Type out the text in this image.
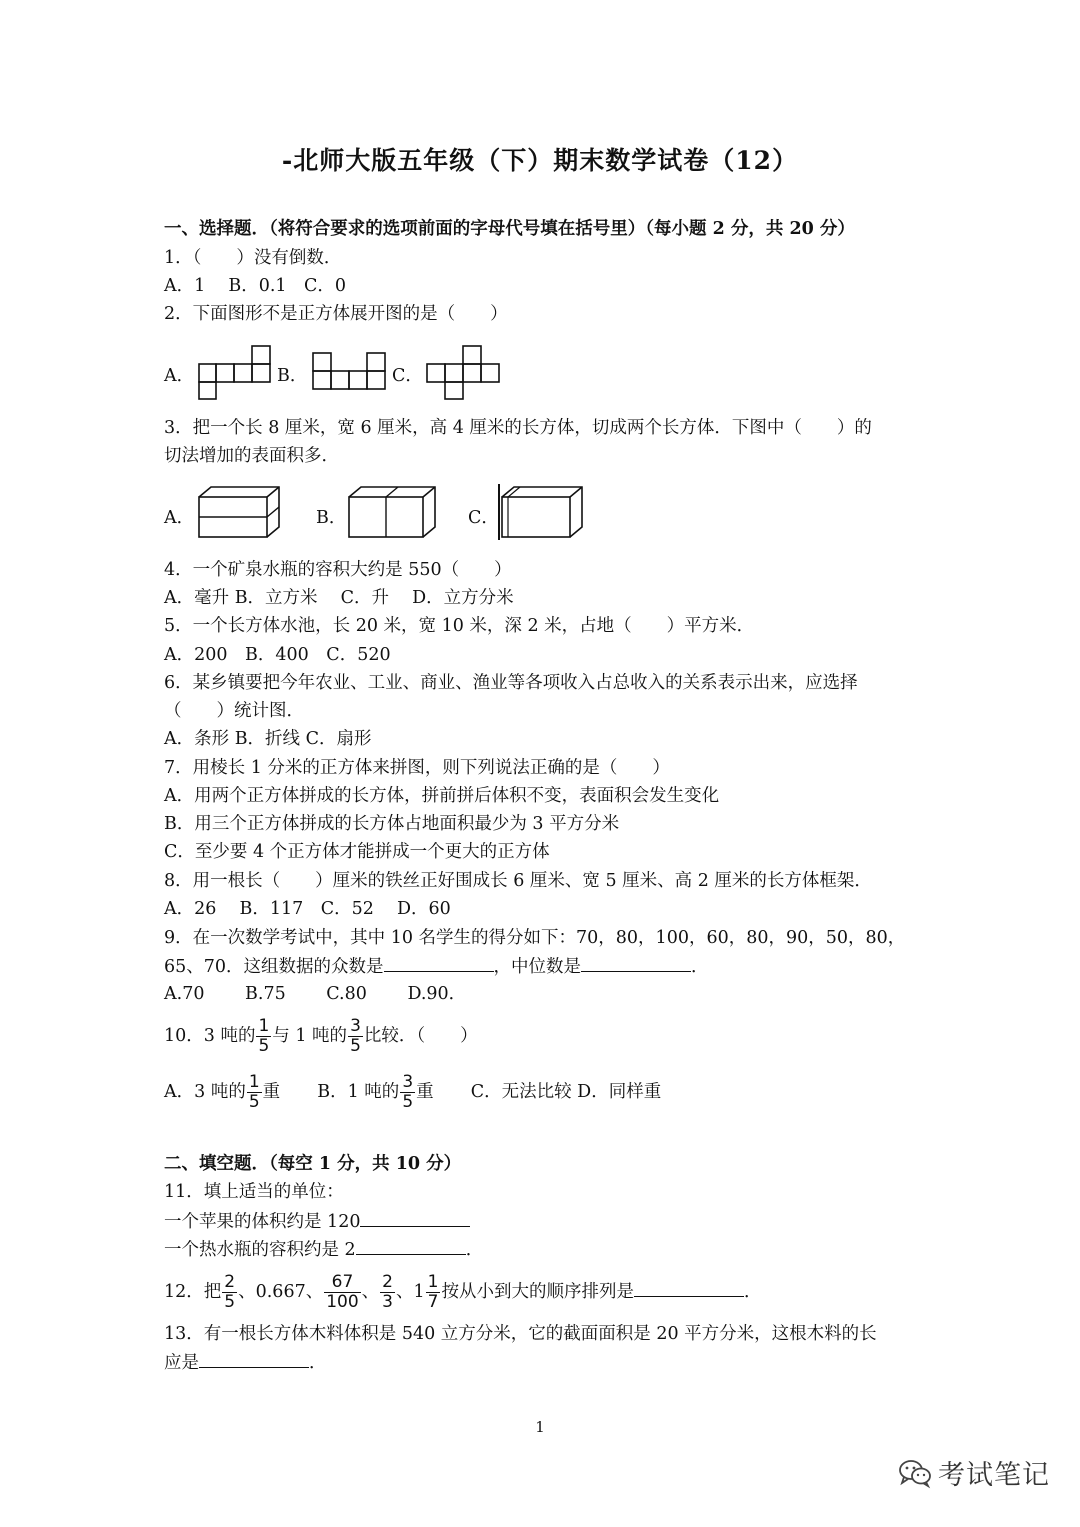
-北师大版五年级（下）期末数学试卷（12）
一、选择题．（将符合要求的选项前面的字母代号填在括号里）（每小题 2 分，共 20 分）
1．（　　）没有倒数．
A．1　 B．0.1　C．0
2．下面图形不是正方体展开图的是（　　）
A．	B．	C．
3．把一个长 8 厘米，宽 6 厘米，高 4 厘米的长方体，切成两个长方体．下图中（　　）的
切法增加的表面积多．
A．	B．	C．
4．一个矿泉水瓶的容积大约是 550（　　）
A．毫升 B．立方米　 C．升　 D．立方分米
5．一个长方体水池，长 20 米，宽 10 米，深 2 米，占地（　　）平方米．
A．200　B．400　C．520
6．某乡镇要把今年农业、工业、商业、渔业等各项收入占总收入的关系表示出来，应选择
（　　）统计图．
A．条形 B．折线 C．扇形
7．用棱长 1 分米的正方体来拼图，则下列说法正确的是（　　）
A．用两个正方体拼成的长方体，拼前拼后体积不变，表面积会发生变化
B．用三个正方体拼成的长方体占地面积最少为 3 平方分米
C．至少要 4 个正方体才能拼成一个更大的正方体
8．用一根长（　　）厘米的铁丝正好围成长 6 厘米、宽 5 厘米、高 2 厘米的长方体框架．
A．26　 B．117　C．52　 D．60
9．在一次数学考试中，其中 10 名学生的得分如下：70，80，100，60，80，90，50，80，
65、70．这组数据的众数是	，中位数是	．
A.70　　 B.75　　 C.80　　 D.90．
10．3 吨的 $\frac{1}{5}$ 与 1 吨的 $\frac{3}{5}$ 比较．（　　）
A．3 吨的 $\frac{1}{5}$ 重　 B．1 吨的 $\frac{3}{5}$ 重　 C．无法比较 D．同样重
二、填空题．（每空 1 分，共 10 分）
11．填上适当的单位：
一个苹果的体积约是 120
一个热水瓶的容积约是 2	．
12．把 $\frac{2}{5}$ 、0.667、 $\frac{67}{100}$ 、 $\frac{2}{3}$ 、$1 \frac{1}{7}$ 按从小到大的顺序排列是	．
13．有一根长方体木料体积是 540 立方分米，它的截面面积是 20 平方分米，这根木料的长
应是	．
1
考试笔记
